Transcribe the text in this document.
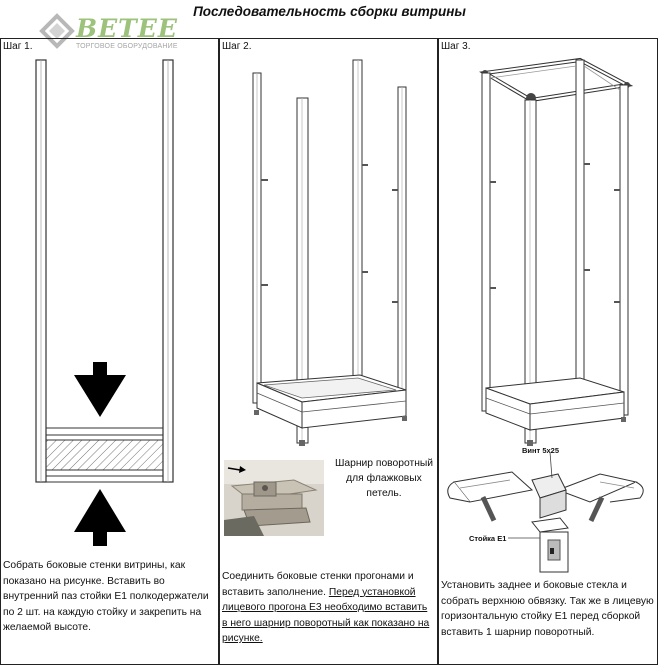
Последовательность сборки витрины
BETEE
ТОРГОВОЕ ОБОРУДОВАНИЕ
Шаг 1.
Собрать боковые стенки витрины, как показано на рисунке. Вставить во внутренний паз стойки Е1 полкодержатели по 2 шт. на каждую стойку и закрепить на желаемой высоте.
Шаг 2.
Шарнир поворотный для флажковых петель.
Соединить боковые стенки прогонами и вставить заполнение. Перед установкой лицевого прогона Е3 необходимо вставить в него шарнир поворотный как показано на рисунке.
Шаг 3.
Винт 5х25
Стойка Е1
Установить заднее и боковые стекла и собрать верхнюю обвязку. Так же в лицевую горизонтальную стойку Е1 перед сборкой вставить 1 шарнир поворотный.
